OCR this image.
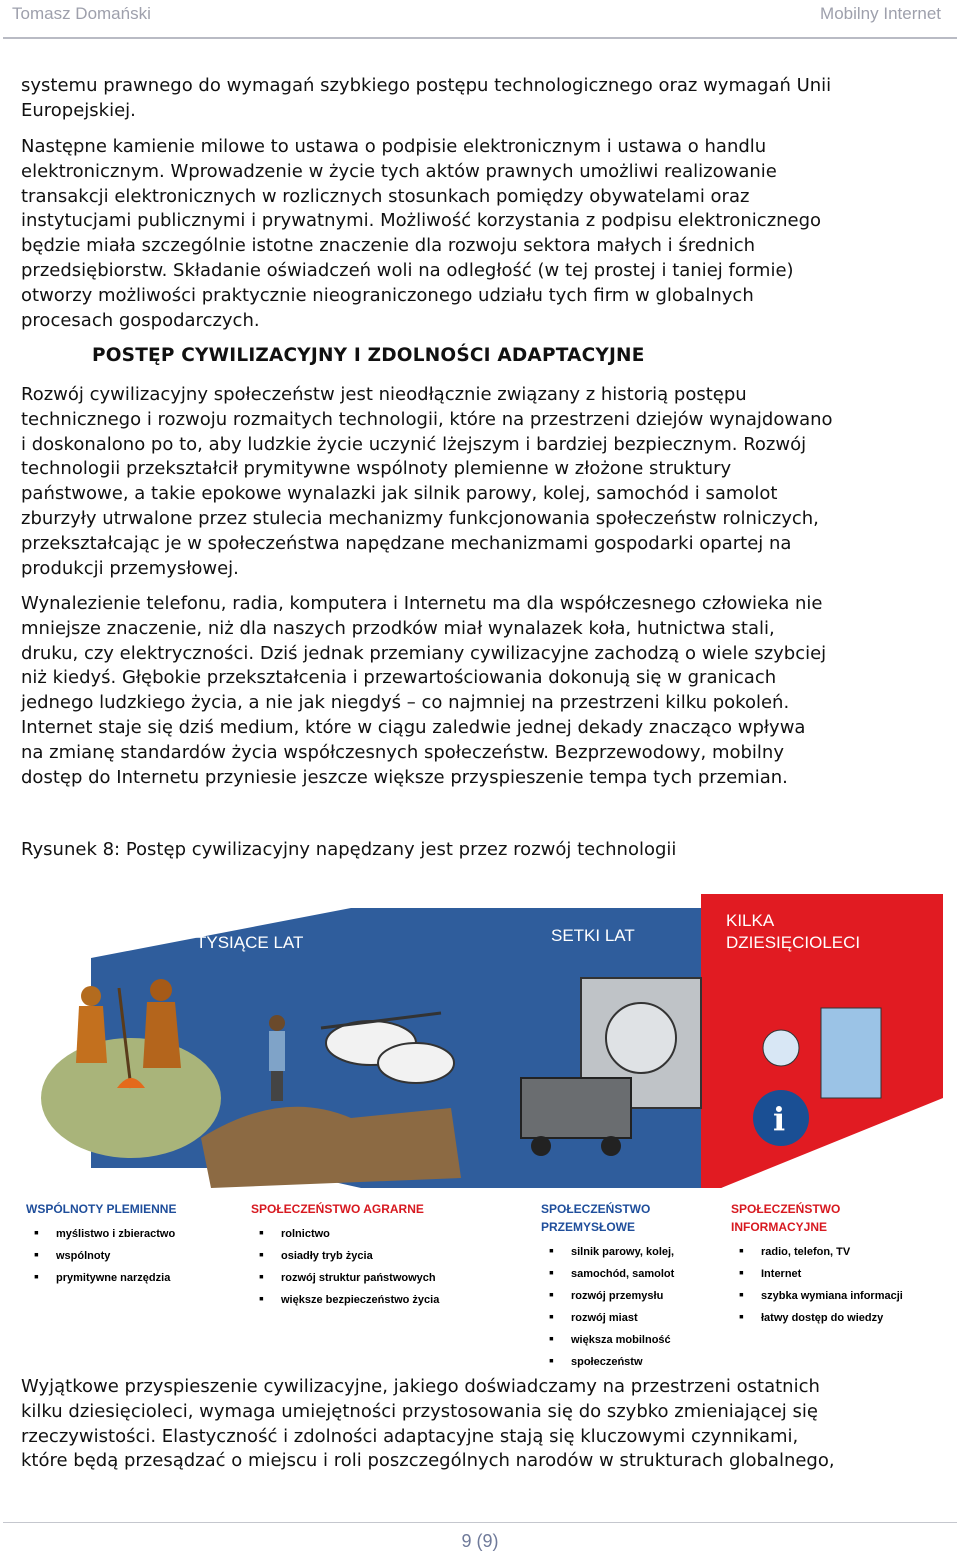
Tomasz Domański	Mobilny Internet
systemu prawnego do wymagań szybkiego postępu technologicznego oraz wymagań Unii
Europejskiej.
Następne kamienie milowe to ustawa o podpisie elektronicznym i ustawa o handlu
elektronicznym. Wprowadzenie w życie tych aktów prawnych umożliwi realizowanie
transakcji elektronicznych w rozlicznych stosunkach pomiędzy obywatelami oraz
instytucjami publicznymi i prywatnymi. Możliwość korzystania z podpisu elektronicznego
będzie miała szczególnie istotne znaczenie dla rozwoju sektora małych i średnich
przedsiębiorstw. Składanie oświadczeń woli na odległość (w tej prostej i taniej formie)
otworzy możliwości praktycznie nieograniczonego udziału tych firm w globalnych
procesach gospodarczych.
POSTĘP CYWILIZACYJNY I ZDOLNOŚCI ADAPTACYJNE
Rozwój cywilizacyjny społeczeństw jest nieodłącznie związany z historią postępu
technicznego i rozwoju rozmaitych technologii, które na przestrzeni dziejów wynajdowano
i doskonalono po to, aby ludzkie życie uczynić lżejszym i bardziej bezpiecznym. Rozwój
technologii przekształcił prymitywne wspólnoty plemienne w złożone struktury
państwowe, a takie epokowe wynalazki jak silnik parowy, kolej, samochód i samolot
zburzyły utrwalone przez stulecia mechanizmy funkcjonowania społeczeństw rolniczych,
przekształcając je w społeczeństwa napędzane mechanizmami gospodarki opartej na
produkcji przemysłowej.
Wynalezienie telefonu, radia, komputera i Internetu ma dla współczesnego człowieka nie
mniejsze znaczenie, niż dla naszych przodków miał wynalazek koła, hutnictwa stali,
druku, czy elektryczności. Dziś jednak przemiany cywilizacyjne zachodzą o wiele szybciej
niż kiedyś. Głębokie przekształcenia i przewartościowania dokonują się w granicach
jednego ludzkiego życia, a nie jak niegdyś – co najmniej na przestrzeni kilku pokoleń.
Internet staje się dziś medium, które w ciągu zaledwie jednej dekady znacząco wpływa
na zmianę standardów życia współczesnych społeczeństw. Bezprzewodowy, mobilny
dostęp do Internetu przyniesie jeszcze większe przyspieszenie tempa tych przemian.
Rysunek 8: Postęp cywilizacyjny napędzany jest przez rozwój technologii
TYSIĄCE LAT	SETKI LAT
KILKA
DZIESIĘCIOLECI
i
WSPÓLNOTY PLEMIENNE
▪ myślistwo i zbieractwo
▪ wspólnoty
▪ prymitywne narzędzia
SPOŁECZEŃSTWO AGRARNE
▪ rolnictwo
▪ osiadły tryb życia
▪ rozwój struktur państwowych
▪ większe bezpieczeństwo życia
SPOŁECZEŃSTWO
PRZEMYSŁOWE
▪ silnik parowy, kolej,
▪ samochód, samolot
▪ rozwój przemysłu
▪ rozwój miast
▪ większa mobilność
▪ społeczeństw
SPOŁECZEŃSTWO
INFORMACYJNE
▪ radio, telefon, TV
▪ Internet
▪ szybka wymiana informacji
▪ łatwy dostęp do wiedzy
Wyjątkowe przyspieszenie cywilizacyjne, jakiego doświadczamy na przestrzeni ostatnich
kilku dziesięcioleci, wymaga umiejętności przystosowania się do szybko zmieniającej się
rzeczywistości. Elastyczność i zdolności adaptacyjne stają się kluczowymi czynnikami,
które będą przesądzać o miejscu i roli poszczególnych narodów w strukturach globalnego,
9 (9)
